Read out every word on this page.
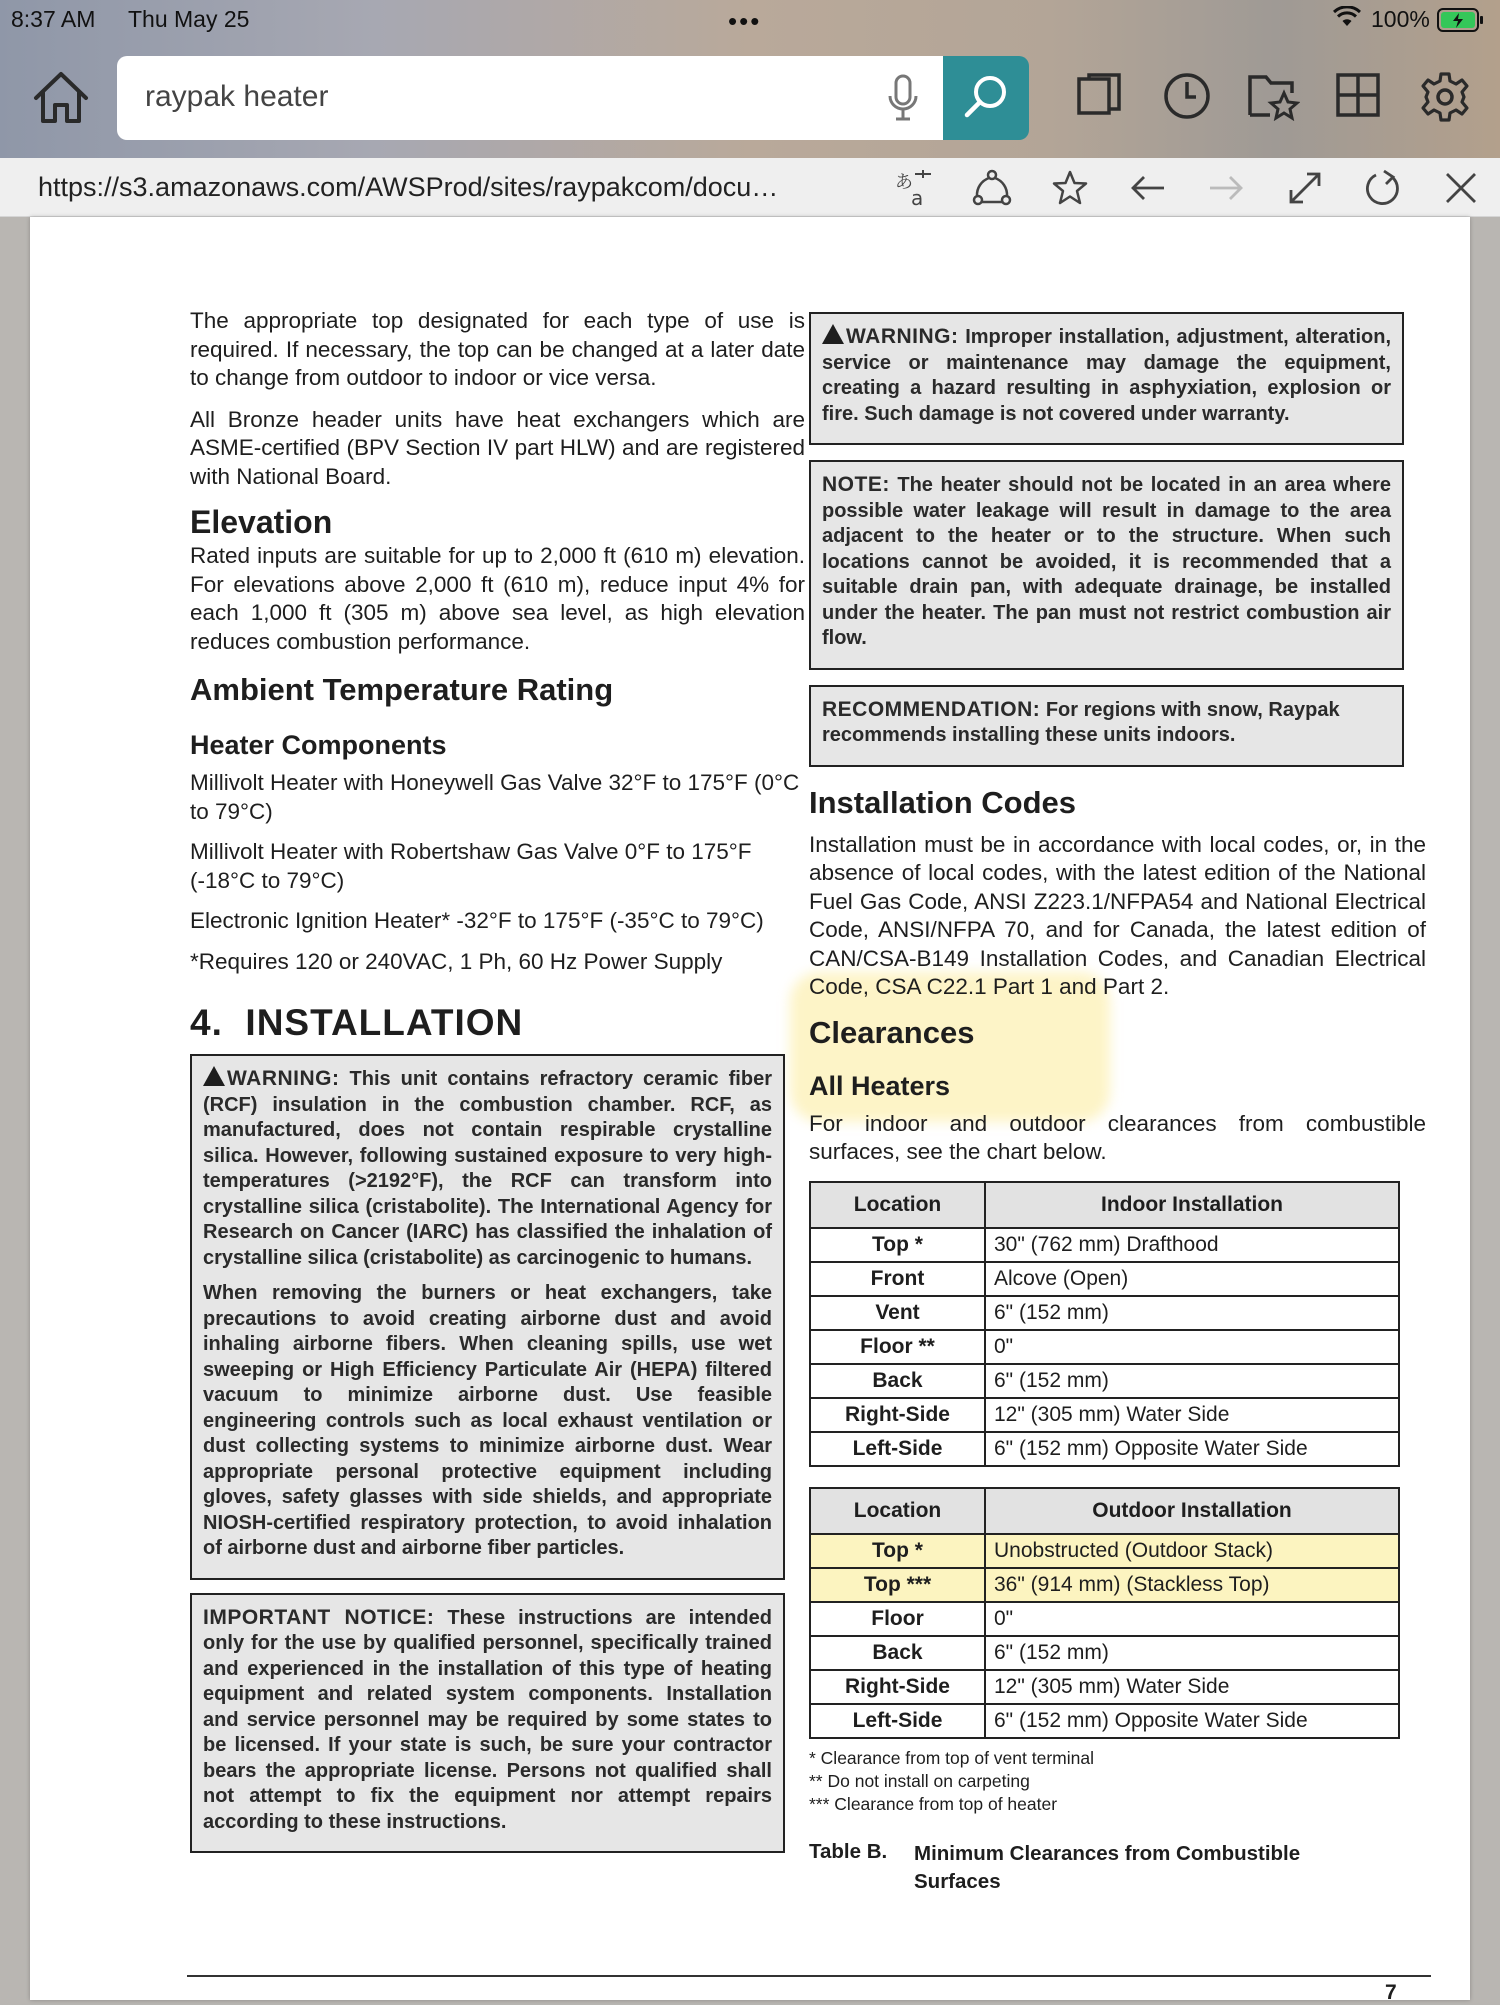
8:37 AM Thu May 25	•••	100%
raypak heater
https://s3.amazonaws.com/AWSProd/sites/raypakcom/docu…	あ
a

The appropriate top designated for each type of use is required. If necessary, the top can be changed at a later date to change from outdoor to indoor or vice versa.

All Bronze header units have heat exchangers which are ASME-certified (BPV Section IV part HLW) and are registered with National Board.

Elevation

Rated inputs are suitable for up to 2,000 ft (610 m) elevation. For elevations above 2,000 ft (610 m), reduce input 4% for each 1,000 ft (305 m) above sea level, as high elevation reduces combustion performance.

Ambient Temperature Rating
Heater Components

Millivolt Heater with Honeywell Gas Valve 32°F to 175°F (0°C to 79°C)

Millivolt Heater with Robertshaw Gas Valve 0°F to 175°F (-18°C to 79°C)

Electronic Ignition Heater* -32°F to 175°F (-35°C to 79°C)

*Requires 120 or 240VAC, 1 Ph, 60 Hz Power Supply

4.  INSTALLATION

WARNING: This unit contains refractory ceramic fiber (RCF) insulation in the combustion chamber. RCF, as manufactured, does not contain respirable crystalline silica. However, following sustained exposure to very high-temperatures (>2192°F), the RCF can transform into crystalline silica (cristabolite). The International Agency for Research on Cancer (IARC) has classified the inhalation of crystalline silica (cristabolite) as carcinogenic to humans.

When removing the burners or heat exchangers, take precautions to avoid creating airborne dust and avoid inhaling airborne fibers. When cleaning spills, use wet sweeping or High Efficiency Particulate Air (HEPA) filtered vacuum to minimize airborne dust. Use feasible engineering controls such as local exhaust ventilation or dust collecting systems to minimize airborne dust. Wear appropriate personal protective equipment including gloves, safety glasses with side shields, and appropriate NIOSH-certified respiratory protection, to avoid inhalation of airborne dust and airborne fiber particles.

IMPORTANT NOTICE: These instructions are intended only for the use by qualified personnel, specifically trained and experienced in the installation of this type of heating equipment and related system components. Installation and service personnel may be required by some states to be licensed. If your state is such, be sure your contractor bears the appropriate license. Persons not qualified shall not attempt to fix the equipment nor attempt repairs according to these instructions.

WARNING: Improper installation, adjustment, alteration, service or maintenance may damage the equipment, creating a hazard resulting in asphyxiation, explosion or fire. Such damage is not covered under warranty.

NOTE: The heater should not be located in an area where possible water leakage will result in damage to the area adjacent to the heater or to the structure. When such locations cannot be avoided, it is recommended that a suitable drain pan, with adequate drainage, be installed under the heater. The pan must not restrict combustion air flow.

RECOMMENDATION: For regions with snow, Raypak recommends installing these units indoors.

Installation Codes

Installation must be in accordance with local codes, or, in the absence of local codes, with the latest edition of the National Fuel Gas Code, ANSI Z223.1/NFPA54 and National Electrical Code, ANSI/NFPA 70, and for Canada, the latest edition of CAN/CSA-B149 Installation Codes, and Canadian Electrical Code, CSA C22.1 Part 1 and Part 2.

Clearances
All Heaters

For indoor and outdoor clearances from combustible surfaces, see the chart below.

Location	Indoor Installation
Top *	30" (762 mm) Drafthood
Front	Alcove (Open)
Vent	6" (152 mm)
Floor **	0"
Back	6" (152 mm)
Right-Side	12" (305 mm) Water Side
Left-Side	6" (152 mm) Opposite Water Side
Location	Outdoor Installation
Top *	Unobstructed (Outdoor Stack)
Top ***	36" (914 mm) (Stackless Top)
Floor	0"
Back	6" (152 mm)
Right-Side	12" (305 mm) Water Side
Left-Side	6" (152 mm) Opposite Water Side

* Clearance from top of vent terminal

** Do not install on carpeting

*** Clearance from top of heater

Table B.	Minimum Clearances from Combustible Surfaces
7
